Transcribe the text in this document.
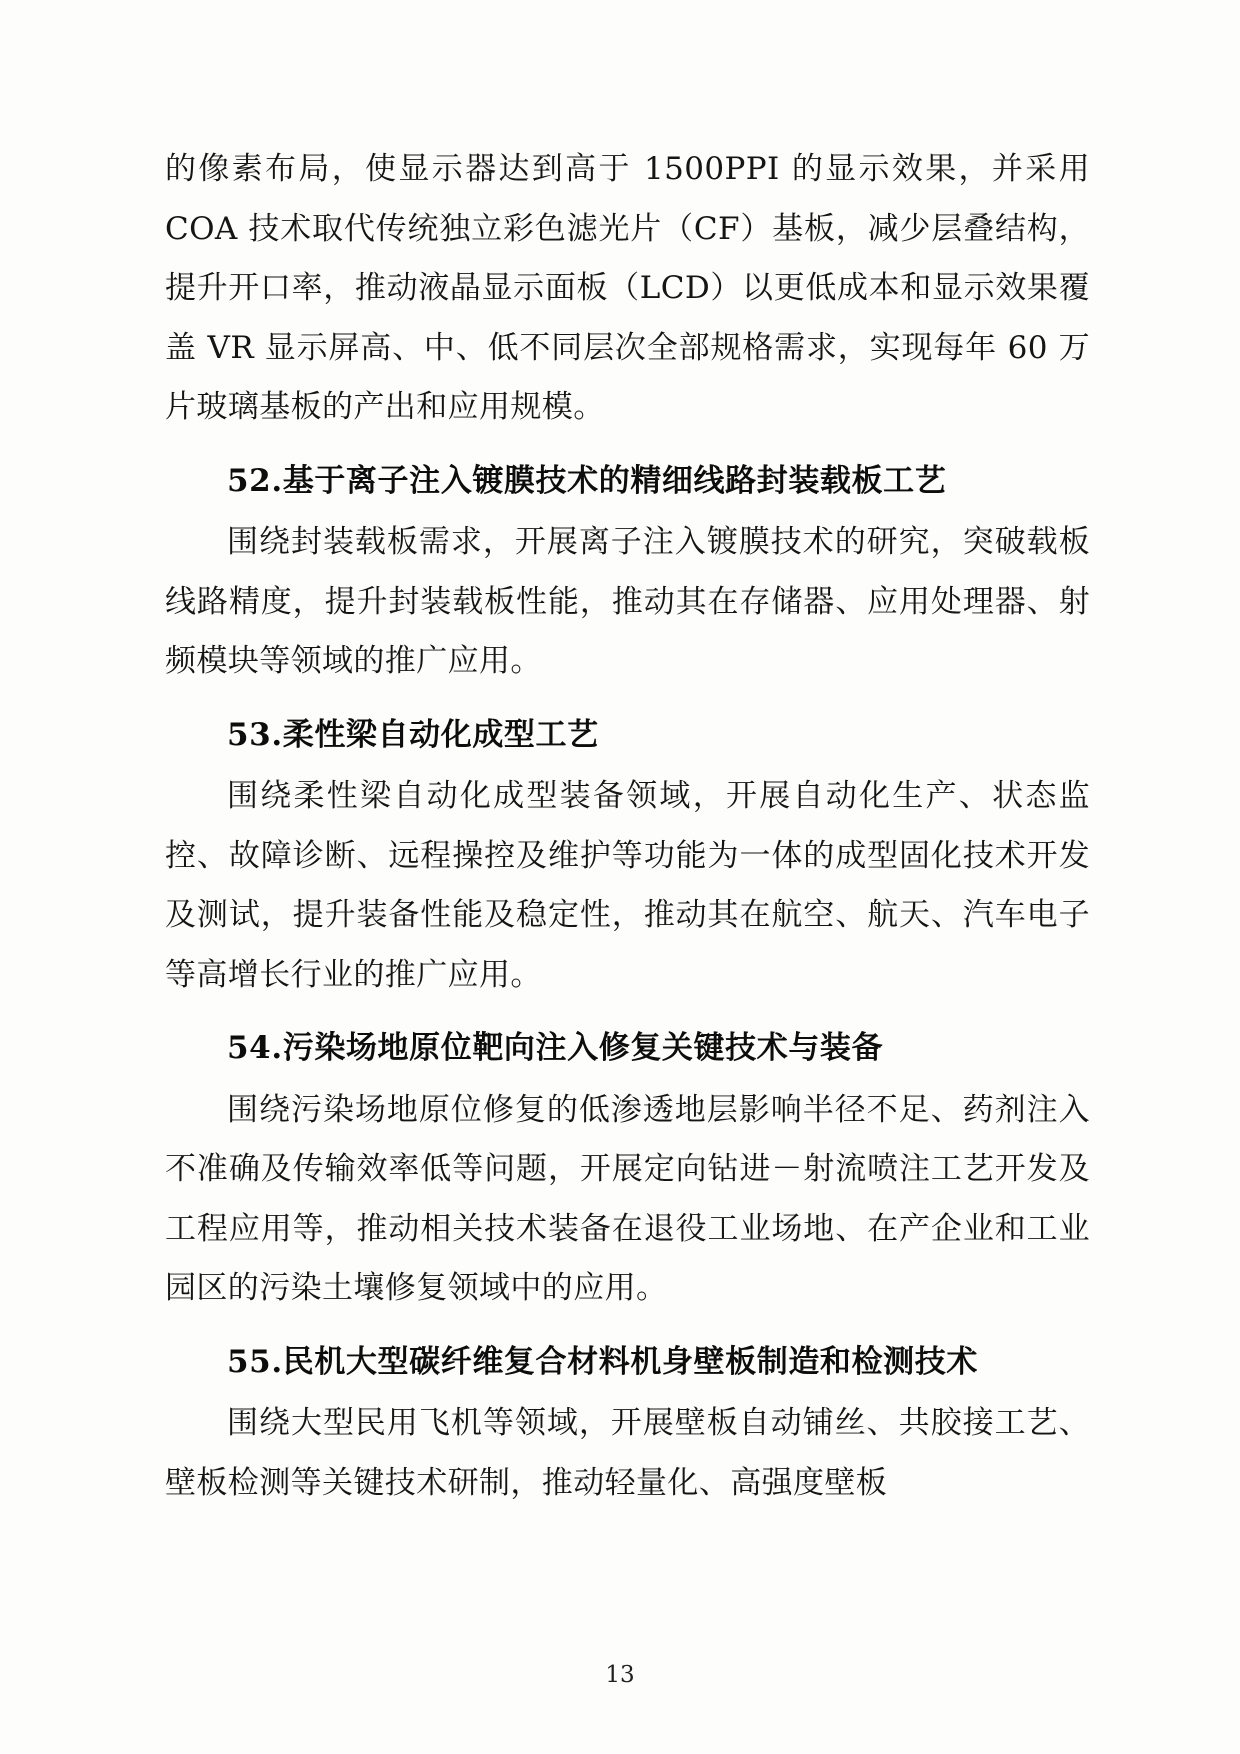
的像素布局，使显示器达到高于 1500PPI 的显示效果，并采用 COA 技术取代传统独立彩色滤光片（CF）基板，减少层叠结构，提升开口率，推动液晶显示面板（LCD）以更低成本和显示效果覆盖 VR 显示屏高、中、低不同层次全部规格需求，实现每年 60 万片玻璃基板的产出和应用规模。

52.基于离子注入镀膜技术的精细线路封装载板工艺

围绕封装载板需求，开展离子注入镀膜技术的研究，突破载板线路精度，提升封装载板性能，推动其在存储器、应用处理器、射频模块等领域的推广应用。

53.柔性梁自动化成型工艺

围绕柔性梁自动化成型装备领域，开展自动化生产、状态监控、故障诊断、远程操控及维护等功能为一体的成型固化技术开发及测试，提升装备性能及稳定性，推动其在航空、航天、汽车电子等高增长行业的推广应用。

54.污染场地原位靶向注入修复关键技术与装备

围绕污染场地原位修复的低渗透地层影响半径不足、药剂注入不准确及传输效率低等问题，开展定向钻进－射流喷注工艺开发及工程应用等，推动相关技术装备在退役工业场地、在产企业和工业园区的污染土壤修复领域中的应用。

55.民机大型碳纤维复合材料机身壁板制造和检测技术

围绕大型民用飞机等领域，开展壁板自动铺丝、共胶接工艺、壁板检测等关键技术研制，推动轻量化、高强度壁板

13
